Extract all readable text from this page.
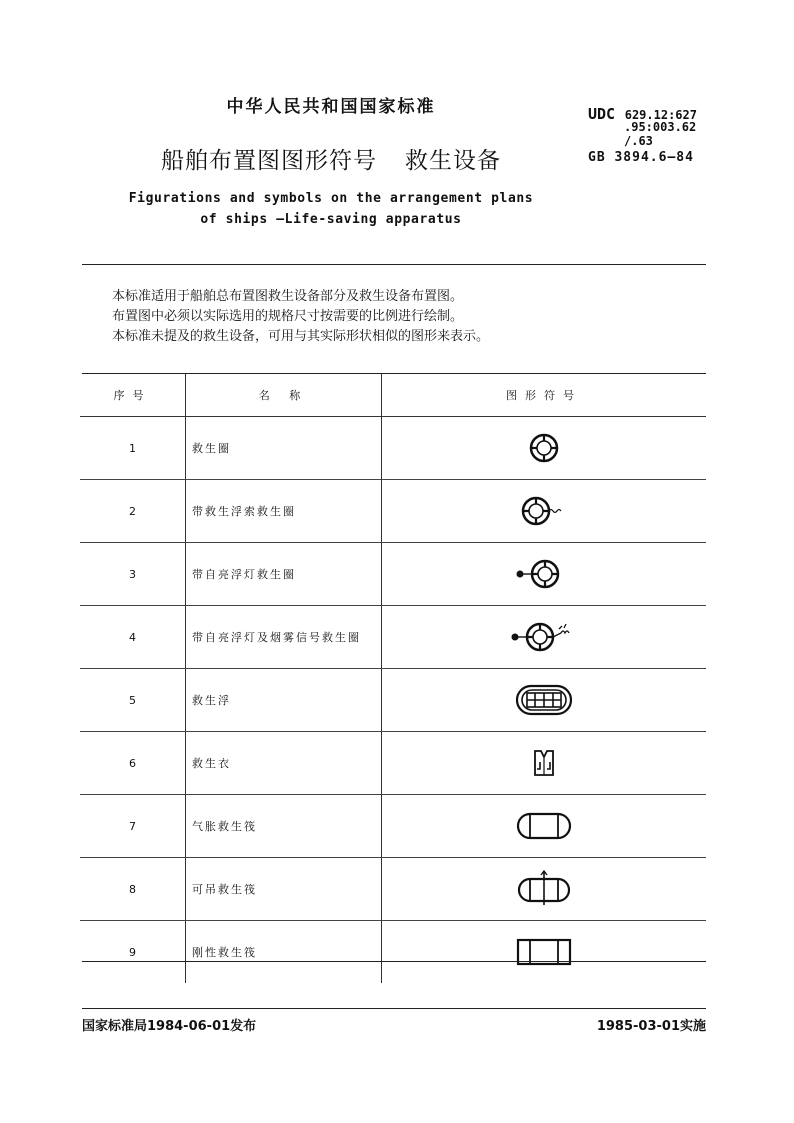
中华人民共和国国家标准
船舶布置图图形符号 救生设备
Figurations and symbols on the arrangement plans
of ships —Life-saving apparatus
UDC 629.12:627
.95:003.62
/.63
GB 3894.6—84
本标准适用于船舶总布置图救生设备部分及救生设备布置图。
布置图中必须以实际选用的规格尺寸按需要的比例进行绘制。
本标准未提及的救生设备，可用与其实际形状相似的图形来表示。
序号	名 称	图形符号
1	救生圈	
2	带救生浮索救生圈	
3	带自亮浮灯救生圈	
4	带自亮浮灯及烟雾信号救生圈	
5	救生浮	
6	救生衣	
7	气胀救生筏	
8	可吊救生筏	
9	刚性救生筏	
国家标准局1984-06-01发布	1985-03-01实施
